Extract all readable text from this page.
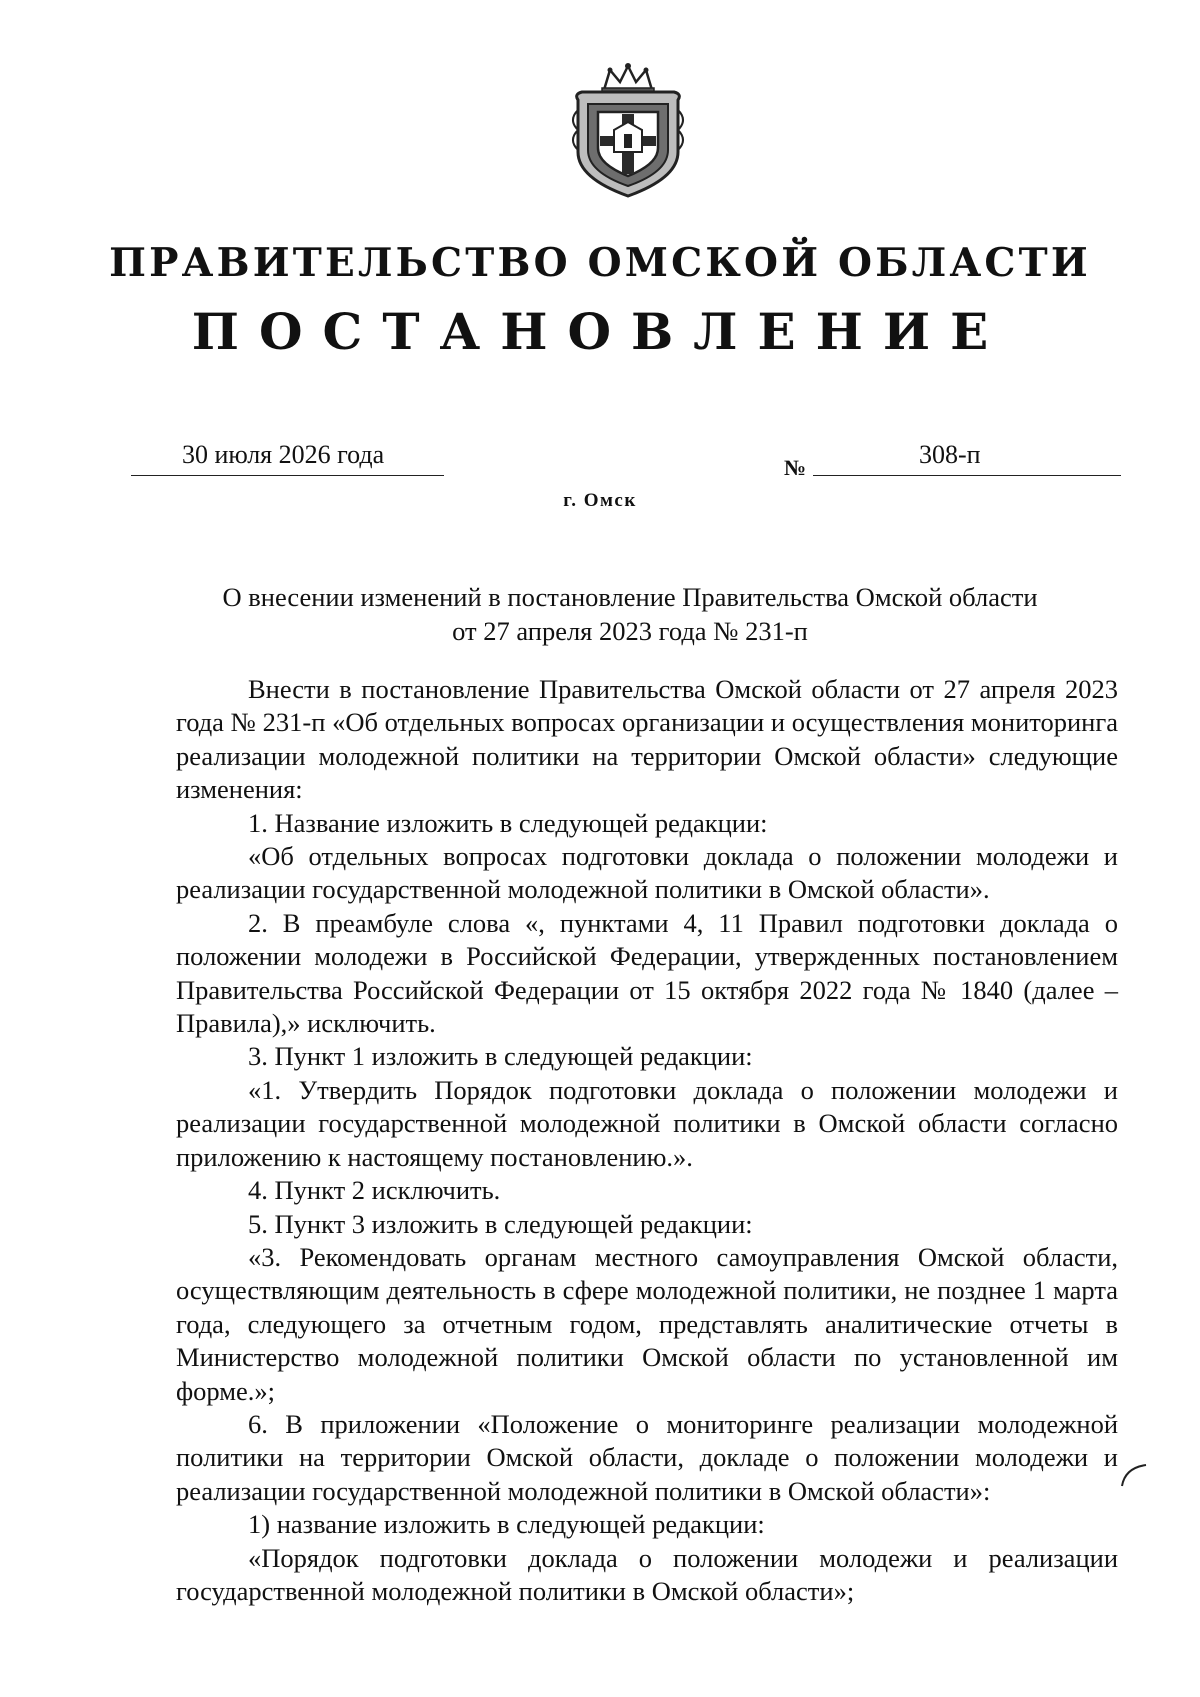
ПРАВИТЕЛЬСТВО ОМСКОЙ ОБЛАСТИ
ПОСТАНОВЛЕНИЕ
30 июля 2026 года	№	308-п
г. Омск
О внесении изменений в постановление Правительства Омской области
от 27 апреля 2023 года № 231-п

Внести в постановление Правительства Омской области от 27 апреля 2023 года № 231-п «Об отдельных вопросах организации и осуществления мониторинга реализации молодежной политики на территории Омской области» следующие изменения:

1. Название изложить в следующей редакции:

«Об отдельных вопросах подготовки доклада о положении молодежи и реализации государственной молодежной политики в Омской области».

2. В преамбуле слова «, пунктами 4, 11 Правил подготовки доклада о положении молодежи в Российской Федерации, утвержденных постановлением Правительства Российской Федерации от 15 октября 2022 года № 1840 (далее – Правила),» исключить.

3. Пункт 1 изложить в следующей редакции:

«1. Утвердить Порядок подготовки доклада о положении молодежи и реализации государственной молодежной политики в Омской области согласно приложению к настоящему постановлению.».

4. Пункт 2 исключить.

5. Пункт 3 изложить в следующей редакции:

«3. Рекомендовать органам местного самоуправления Омской области, осуществляющим деятельность в сфере молодежной политики, не позднее 1 марта года, следующего за отчетным годом, представлять аналитические отчеты в Министерство молодежной политики Омской области по установленной им форме.»;

6. В приложении «Положение о мониторинге реализации молодежной политики на территории Омской области, докладе о положении молодежи и реализации государственной молодежной политики в Омской области»:

1) название изложить в следующей редакции:

«Порядок подготовки доклада о положении молодежи и реализации государственной молодежной политики в Омской области»;
